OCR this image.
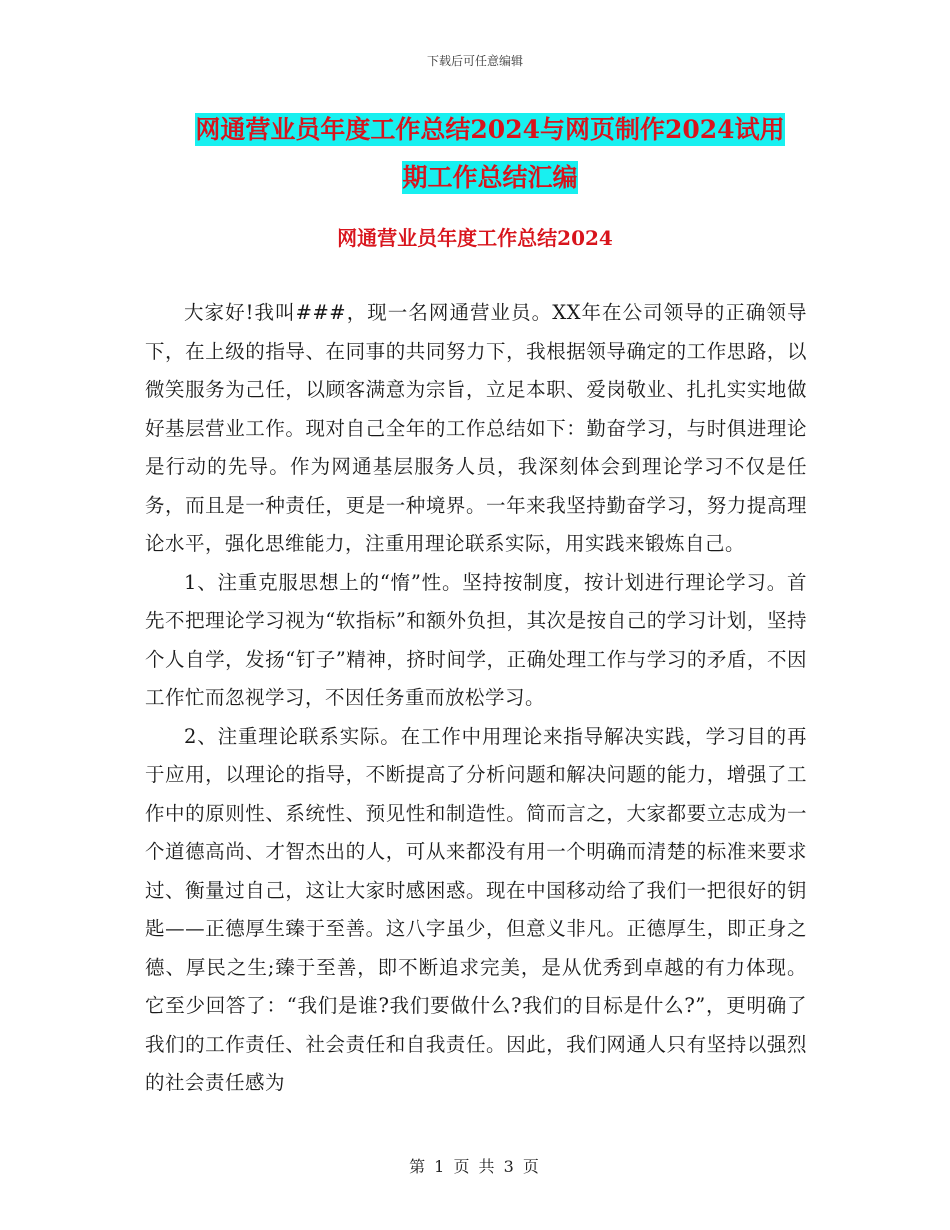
下载后可任意编辑
网通营业员年度工作总结2024与网页制作2024试用
期工作总结汇编
网通营业员年度工作总结2024

大家好!我叫###，现一名网通营业员。XX年在公司领导的正确领导下，在上级的指导、在同事的共同努力下，我根据领导确定的工作思路，以微笑服务为己任，以顾客满意为宗旨，立足本职、爱岗敬业、扎扎实实地做好基层营业工作。现对自己全年的工作总结如下：勤奋学习，与时俱进理论是行动的先导。作为网通基层服务人员，我深刻体会到理论学习不仅是任务，而且是一种责任，更是一种境界。一年来我坚持勤奋学习，努力提高理论水平，强化思维能力，注重用理论联系实际，用实践来锻炼自己。

1、注重克服思想上的“惰”性。坚持按制度，按计划进行理论学习。首先不把理论学习视为“软指标”和额外负担，其次是按自己的学习计划，坚持个人自学，发扬“钉子”精神，挤时间学，正确处理工作与学习的矛盾，不因工作忙而忽视学习，不因任务重而放松学习。

2、注重理论联系实际。在工作中用理论来指导解决实践，学习目的再于应用，以理论的指导，不断提高了分析问题和解决问题的能力，增强了工作中的原则性、系统性、预见性和制造性。简而言之，大家都要立志成为一个道德高尚、才智杰出的人，可从来都没有用一个明确而清楚的标准来要求过、衡量过自己，这让大家时感困惑。现在中国移动给了我们一把很好的钥匙——正德厚生臻于至善。这八字虽少，但意义非凡。正德厚生，即正身之德、厚民之生;臻于至善，即不断追求完美，是从优秀到卓越的有力体现。它至少回答了：“我们是谁?我们要做什么?我们的目标是什么?”，更明确了我们的工作责任、社会责任和自我责任。因此，我们网通人只有坚持以强烈的社会责任感为

第 1 页 共 3 页
